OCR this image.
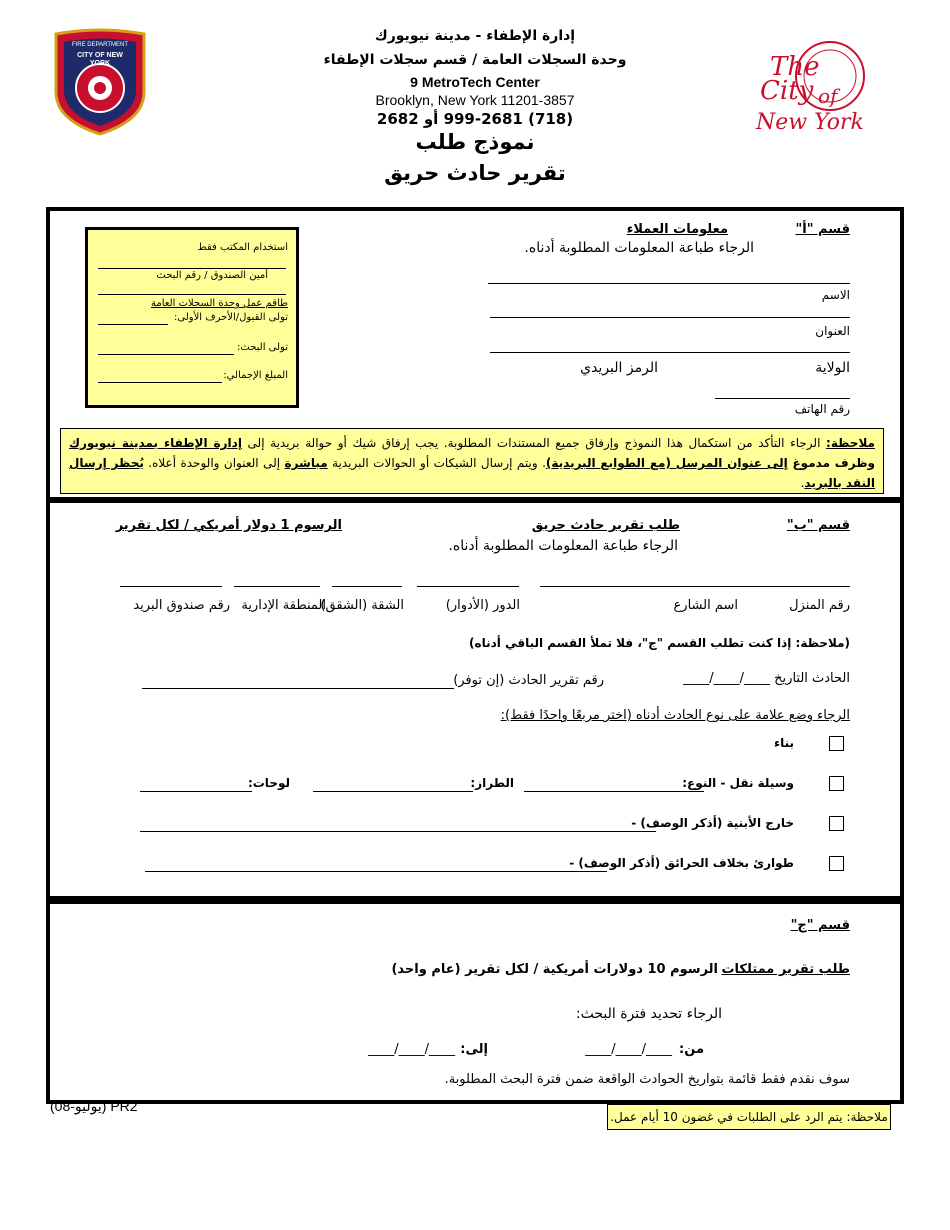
إدارة الإطفاء - مدينة نيويورك
وحدة السجلات العامة / قسم سجلات الإطفاء
9 MetroTech Center
Brooklyn, New York 11201-3857
(718) 999-2681 أو 2682
نموذج طلب
تقرير حادث حريق
FIRE DEPARTMENT
CITY OF NEW YORK	The
City of
New York
قسم "أ"
معلومات العملاء
الرجاء طباعة المعلومات المطلوبة أدناه.
الاسم
العنوان
الولاية
الرمز البريدي
رقم الهاتف
استخدام المكتب فقط
أمين الصندوق / رقم البحث
طاقم عمل وحدة السجلات العامة
تولى القبول/الأحرف الأولى:
تولى البحث:
المبلغ الإجمالي:
ملاحظة: الرجاء التأكد من استكمال هذا النموذج وإرفاق جميع المستندات المطلوبة. يجب إرفاق شيك أو حوالة بريدية إلى إدارة الإطفاء بمدينة نيويورك وظرف مدموغ إلى عنوان المرسل (مع الطوابع البريدية). ويتم إرسال الشيكات أو الحوالات البريدية مباشرة إلى العنوان والوحدة أعلاه. يُحظر إرسال النقد بالبريد.
قسم "ب"
طلب تقرير حادث حريق
الرسوم 1 دولار أمريكي / لكل تقرير
الرجاء طباعة المعلومات المطلوبة أدناه.
رقم المنزل
اسم الشارع
الدور (الأدوار)
الشقة (الشقق)
المنطقة الإدارية
رقم صندوق البريد
(ملاحظة: إذا كنت تطلب القسم "ج"، فلا تملأ القسم الباقي أدناه)
الحادث التاريخ ____/____/____
رقم تقرير الحادث (إن توفر)
الرجاء وضع علامة على نوع الحادث أدناه (اختر مربعًا واحدًا فقط):
بناء
وسيلة نقل - النوع:
الطراز:
لوحات:
خارج الأبنية (أذكر الوصف) -
طوارئ بخلاف الحرائق (أذكر الوصف) -
قسم "ج"
طلب تقرير ممتلكات
الرسوم 10 دولارات أمريكية / لكل تقرير (عام واحد)
الرجاء تحديد فترة البحث:
من:
____/____/____
إلى:
____/____/____
سوف نقدم فقط قائمة بتواريخ الحوادث الواقعة ضمن فترة البحث المطلوبة.
PR2 (يوليو-08)
ملاحظة: يتم الرد على الطلبات في غضون 10 أيام عمل.
